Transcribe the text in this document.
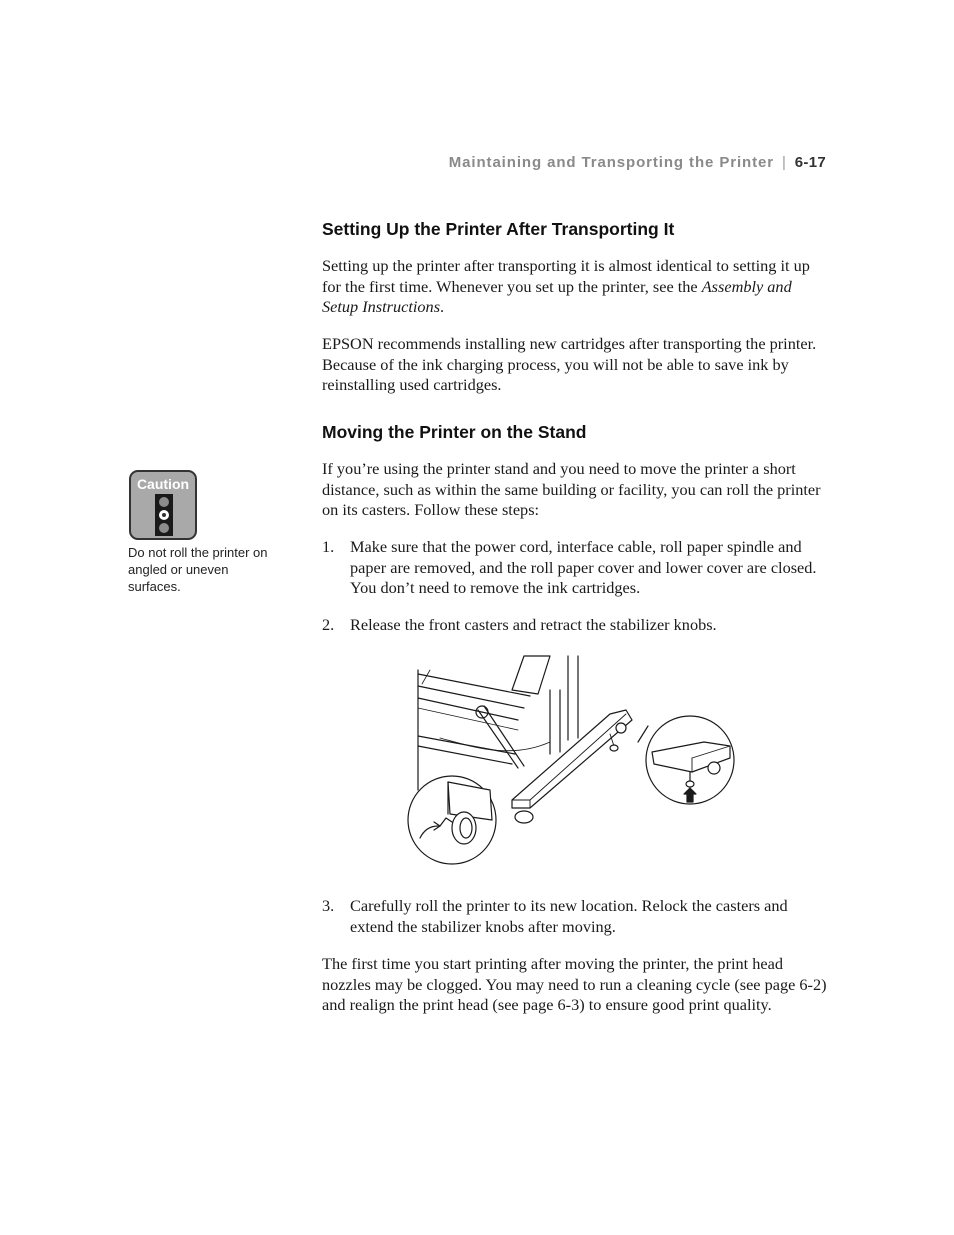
Maintaining and Transporting the Printer | 6-17
Setting Up the Printer After Transporting It

Setting up the printer after transporting it is almost identical to setting it up for the first time. Whenever you set up the printer, see the Assembly and Setup Instructions.

EPSON recommends installing new cartridges after transporting the printer. Because of the ink charging process, you will not be able to save ink by reinstalling used cartridges.

Moving the Printer on the Stand

If you’re using the printer stand and you need to move the printer a short distance, such as within the same building or facility, you can roll the printer on its casters. Follow these steps:

1. Make sure that the power cord, interface cable, roll paper spindle and paper are removed, and the roll paper cover and lower cover are closed. You don’t need to remove the ink cartridges.
2. Release the front casters and retract the stabilizer knobs.
3. Carefully roll the printer to its new location. Relock the casters and extend the stabilizer knobs after moving.

The first time you start printing after moving the printer, the print head nozzles may be clogged. You may need to run a cleaning cycle (see page 6-2) and realign the print head (see page 6-3) to ensure good print quality.

Caution
Do not roll the printer on angled or uneven surfaces.
